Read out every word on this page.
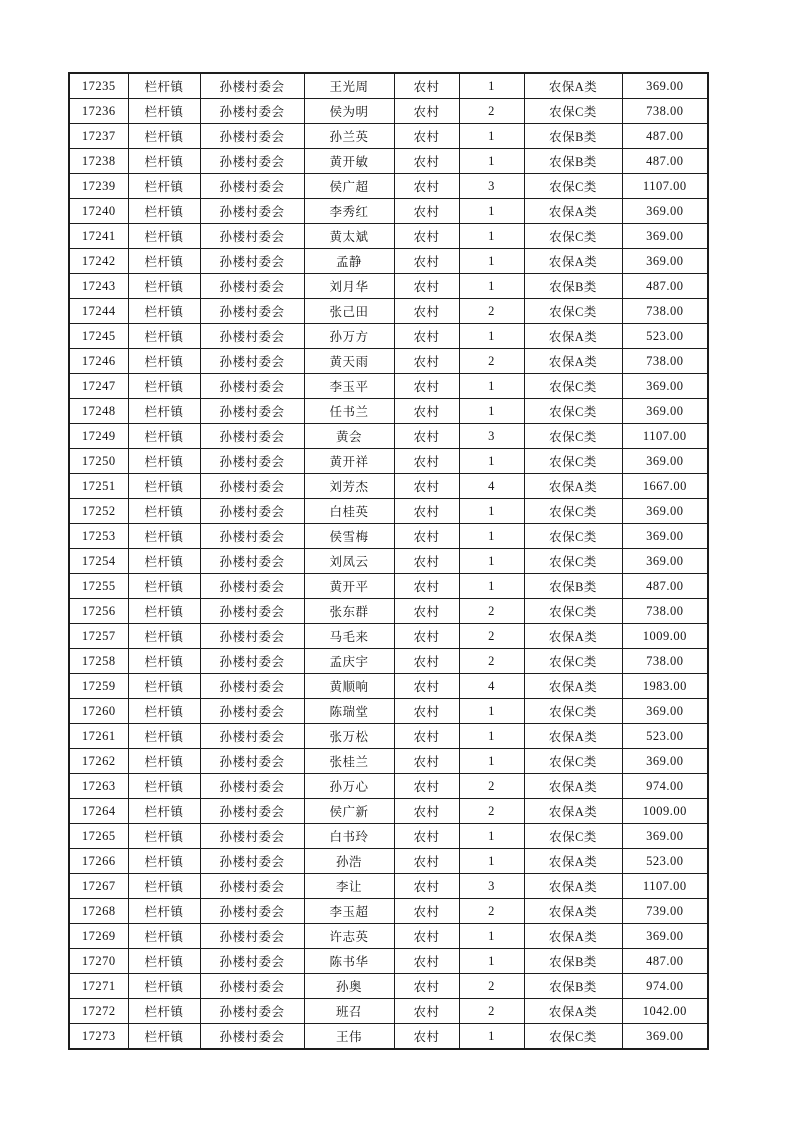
17235	栏杆镇	孙楼村委会	王光周	农村	1	农保A类	369.00
17236	栏杆镇	孙楼村委会	侯为明	农村	2	农保C类	738.00
17237	栏杆镇	孙楼村委会	孙兰英	农村	1	农保B类	487.00
17238	栏杆镇	孙楼村委会	黄开敏	农村	1	农保B类	487.00
17239	栏杆镇	孙楼村委会	侯广超	农村	3	农保C类	1107.00
17240	栏杆镇	孙楼村委会	李秀红	农村	1	农保A类	369.00
17241	栏杆镇	孙楼村委会	黄太斌	农村	1	农保C类	369.00
17242	栏杆镇	孙楼村委会	孟静	农村	1	农保A类	369.00
17243	栏杆镇	孙楼村委会	刘月华	农村	1	农保B类	487.00
17244	栏杆镇	孙楼村委会	张己田	农村	2	农保C类	738.00
17245	栏杆镇	孙楼村委会	孙万方	农村	1	农保A类	523.00
17246	栏杆镇	孙楼村委会	黄天雨	农村	2	农保A类	738.00
17247	栏杆镇	孙楼村委会	李玉平	农村	1	农保C类	369.00
17248	栏杆镇	孙楼村委会	任书兰	农村	1	农保C类	369.00
17249	栏杆镇	孙楼村委会	黄会	农村	3	农保C类	1107.00
17250	栏杆镇	孙楼村委会	黄开祥	农村	1	农保C类	369.00
17251	栏杆镇	孙楼村委会	刘芳杰	农村	4	农保A类	1667.00
17252	栏杆镇	孙楼村委会	白桂英	农村	1	农保C类	369.00
17253	栏杆镇	孙楼村委会	侯雪梅	农村	1	农保C类	369.00
17254	栏杆镇	孙楼村委会	刘凤云	农村	1	农保C类	369.00
17255	栏杆镇	孙楼村委会	黄开平	农村	1	农保B类	487.00
17256	栏杆镇	孙楼村委会	张东群	农村	2	农保C类	738.00
17257	栏杆镇	孙楼村委会	马毛来	农村	2	农保A类	1009.00
17258	栏杆镇	孙楼村委会	孟庆宇	农村	2	农保C类	738.00
17259	栏杆镇	孙楼村委会	黄顺响	农村	4	农保A类	1983.00
17260	栏杆镇	孙楼村委会	陈瑞堂	农村	1	农保C类	369.00
17261	栏杆镇	孙楼村委会	张万松	农村	1	农保A类	523.00
17262	栏杆镇	孙楼村委会	张桂兰	农村	1	农保C类	369.00
17263	栏杆镇	孙楼村委会	孙万心	农村	2	农保A类	974.00
17264	栏杆镇	孙楼村委会	侯广新	农村	2	农保A类	1009.00
17265	栏杆镇	孙楼村委会	白书玲	农村	1	农保C类	369.00
17266	栏杆镇	孙楼村委会	孙浩	农村	1	农保A类	523.00
17267	栏杆镇	孙楼村委会	李让	农村	3	农保A类	1107.00
17268	栏杆镇	孙楼村委会	李玉超	农村	2	农保A类	739.00
17269	栏杆镇	孙楼村委会	许志英	农村	1	农保A类	369.00
17270	栏杆镇	孙楼村委会	陈书华	农村	1	农保B类	487.00
17271	栏杆镇	孙楼村委会	孙奥	农村	2	农保B类	974.00
17272	栏杆镇	孙楼村委会	班召	农村	2	农保A类	1042.00
17273	栏杆镇	孙楼村委会	王伟	农村	1	农保C类	369.00
